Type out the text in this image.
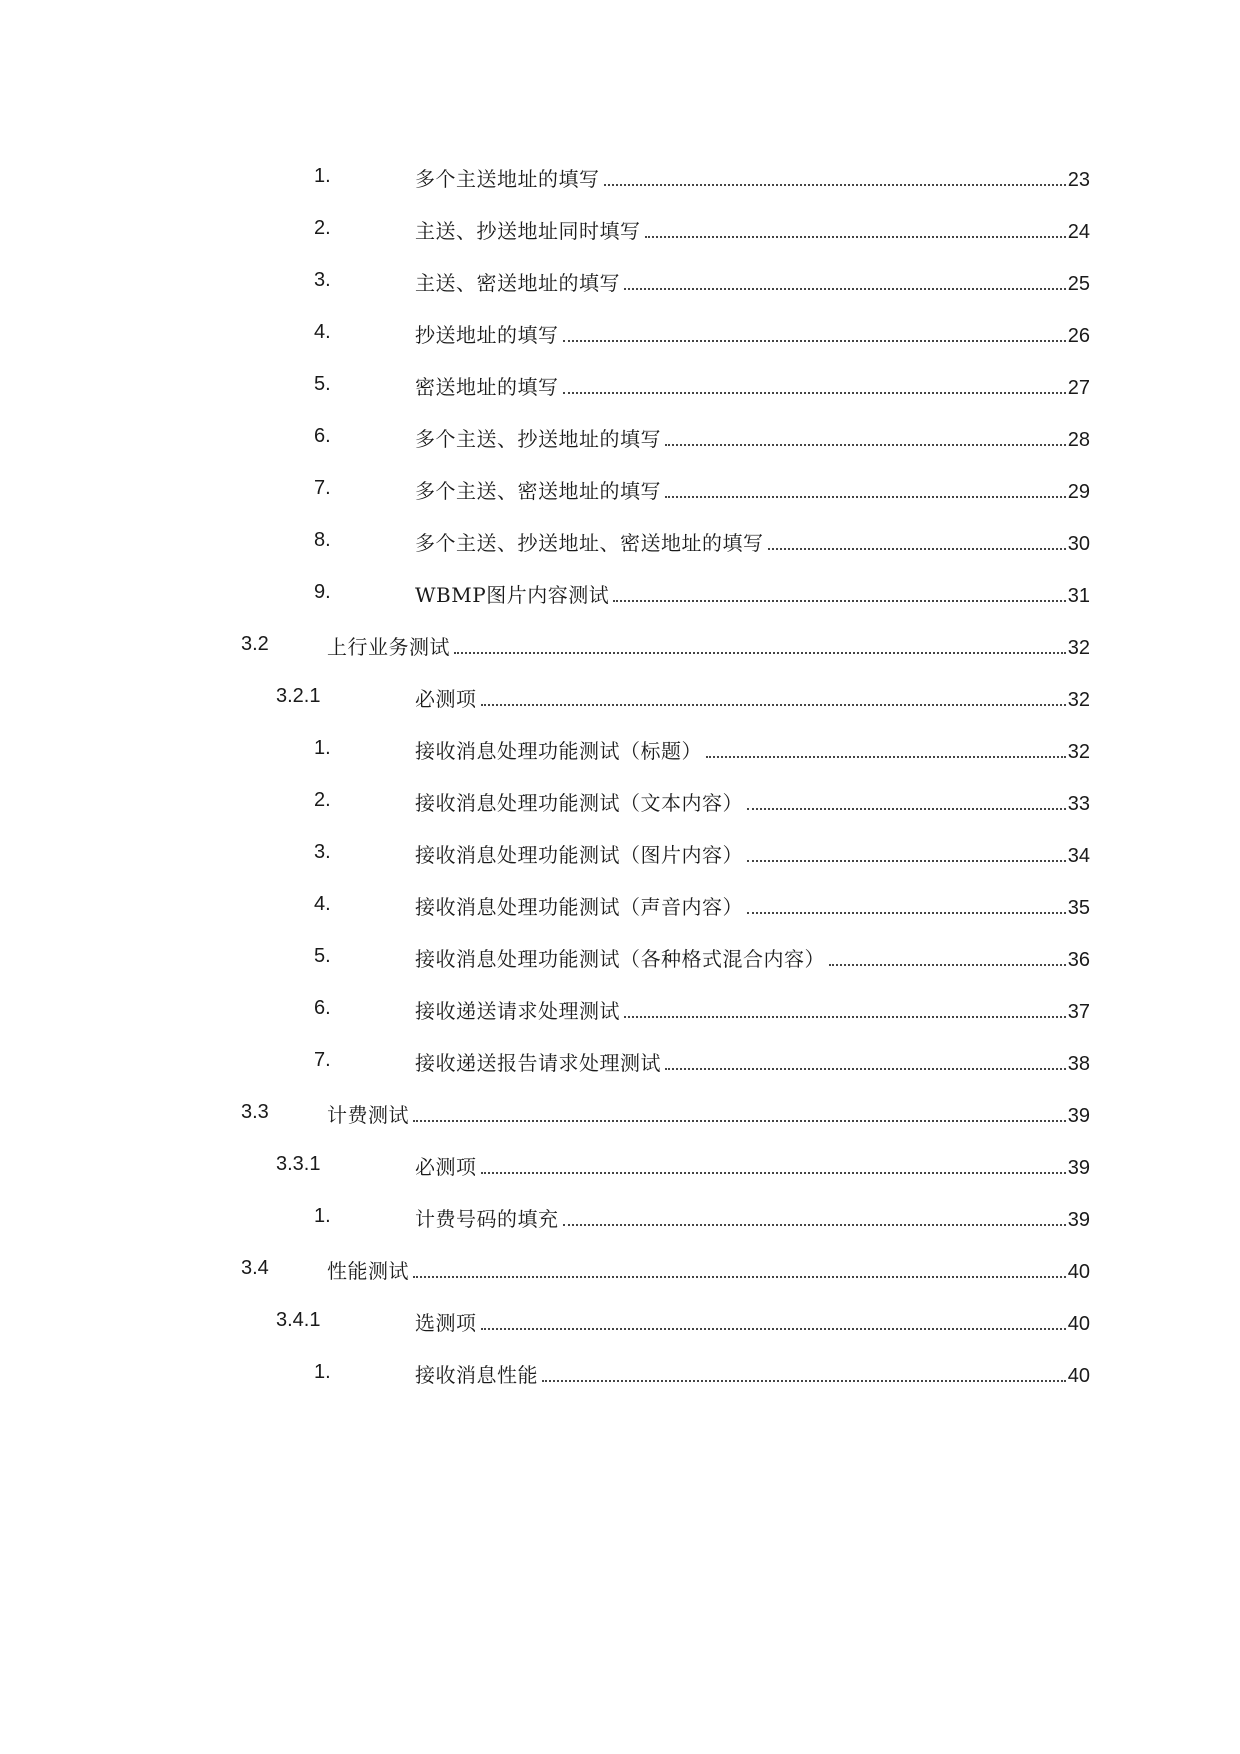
1.	多个主送地址的填写	23
2.	主送、抄送地址同时填写	24
3.	主送、密送地址的填写	25
4.	抄送地址的填写	26
5.	密送地址的填写	27
6.	多个主送、抄送地址的填写	28
7.	多个主送、密送地址的填写	29
8.	多个主送、抄送地址、密送地址的填写	30
9.	WBMP图片内容测试	31
3.2	上行业务测试	32
3.2.1	必测项	32
1.	接收消息处理功能测试（标题）	32
2.	接收消息处理功能测试（文本内容）	33
3.	接收消息处理功能测试（图片内容）	34
4.	接收消息处理功能测试（声音内容）	35
5.	接收消息处理功能测试（各种格式混合内容）	36
6.	接收递送请求处理测试	37
7.	接收递送报告请求处理测试	38
3.3	计费测试	39
3.3.1	必测项	39
1.	计费号码的填充	39
3.4	性能测试	40
3.4.1	选测项	40
1.	接收消息性能	40
